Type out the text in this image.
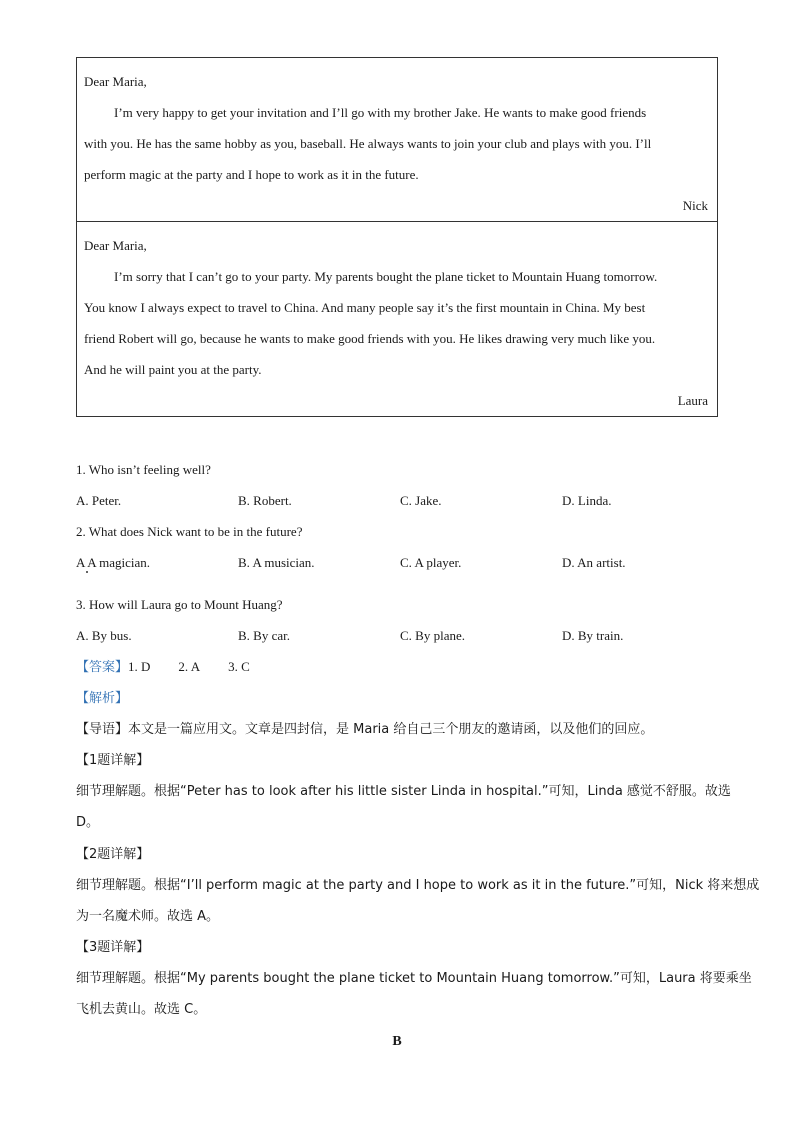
Dear Maria,
I’m very happy to get your invitation and I’ll go with my brother Jake. He wants to make good friends
with you. He has the same hobby as you, baseball. He always wants to join your club and plays with you. I’ll
perform magic at the party and I hope to work as it in the future.
Nick
Dear Maria,
I’m sorry that I can’t go to your party. My parents bought the plane ticket to Mountain Huang tomorrow.
You know I always expect to travel to China. And many people say it’s the first mountain in China. My best
friend Robert will go, because he wants to make good friends with you. He likes drawing very much like you.
And he will paint you at the party.
Laura
1. Who isn’t feeling well?
A. Peter.	B. Robert.	C. Jake.	D. Linda.
2. What does Nick want to be in the future?
A A magician.	B. A musician.	C. A player.	D. An artist.
3. How will Laura go to Mount Huang?
A. By bus.	B. By car.	C. By plane.	D. By train.
【答案】1. D 2. A 3. C
【解析】
【导语】本文是一篇应用文。文章是四封信，是 Maria 给自己三个朋友的邀请函，以及他们的回应。
【1题详解】
细节理解题。根据“Peter has to look after his little sister Linda in hospital.”可知，Linda 感觉不舒服。故选
D。
【2题详解】
细节理解题。根据“I’ll perform magic at the party and I hope to work as it in the future.”可知，Nick 将来想成
为一名魔术师。故选 A。
【3题详解】
细节理解题。根据“My parents bought the plane ticket to Mountain Huang tomorrow.”可知，Laura 将要乘坐
飞机去黄山。故选 C。
B
